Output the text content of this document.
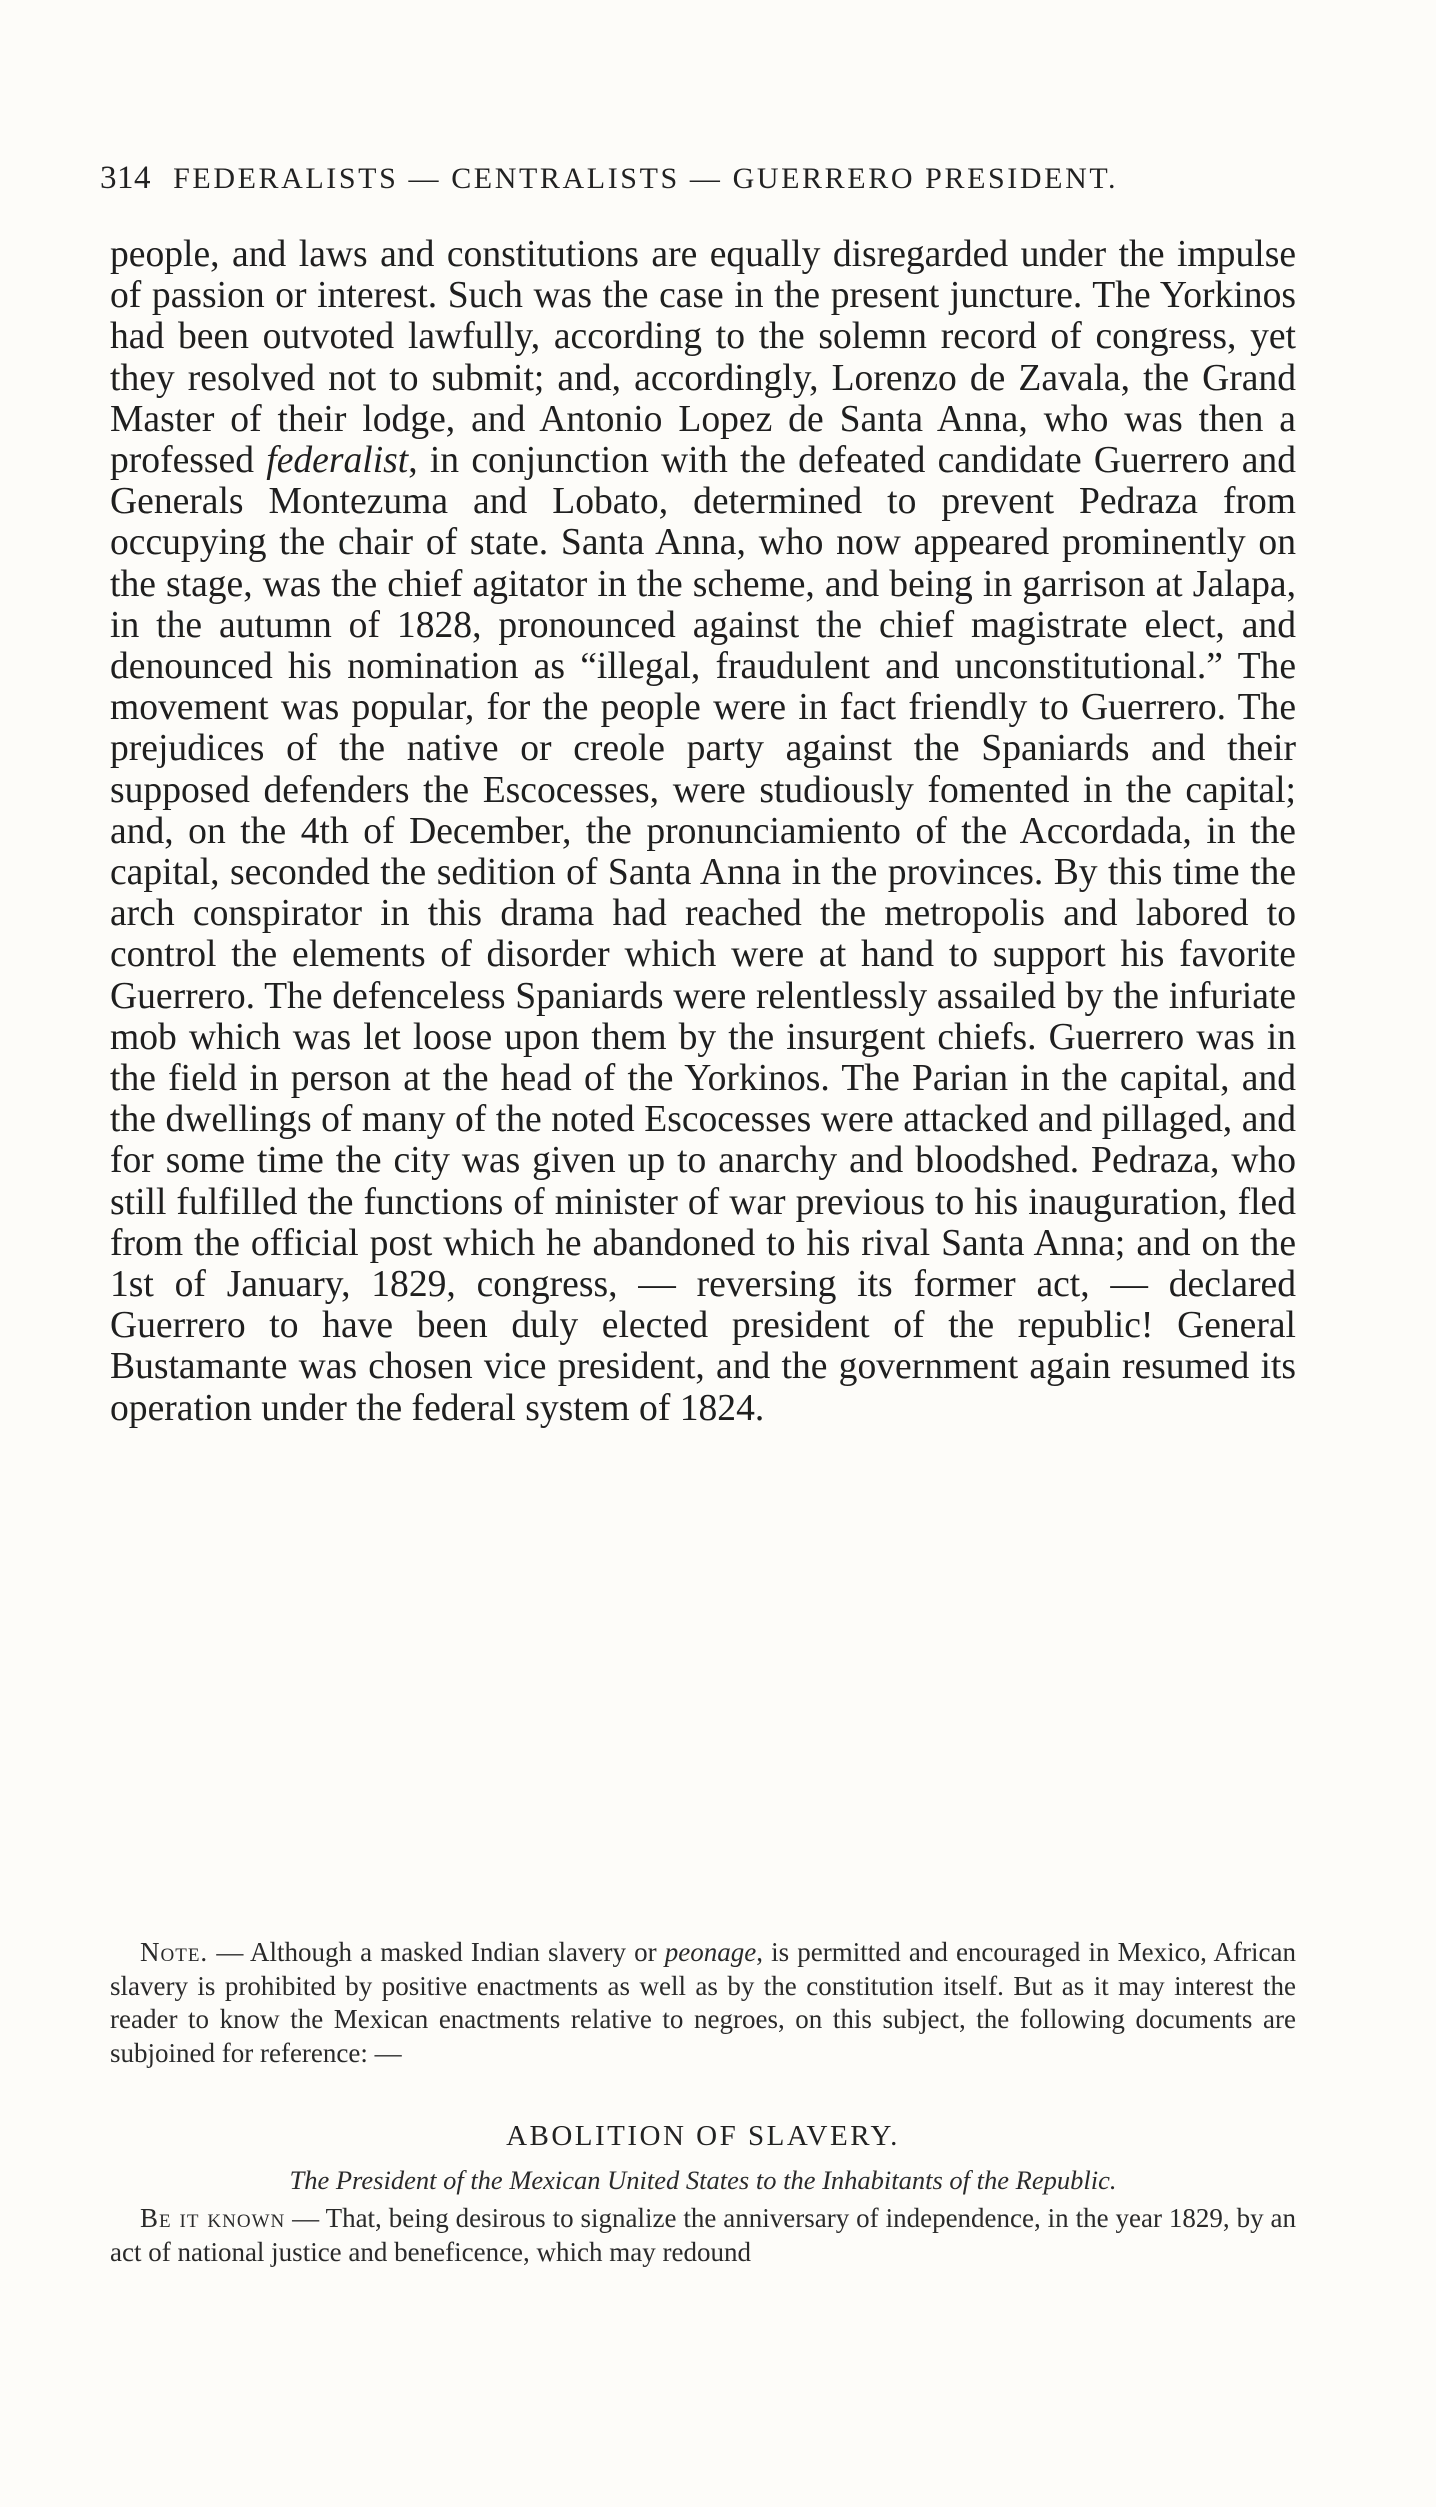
314 FEDERALISTS — CENTRALISTS — GUERRERO PRESIDENT.

people, and laws and constitutions are equally disregarded under the impulse of passion or interest. Such was the case in the present juncture. The Yorkinos had been outvoted lawfully, according to the solemn record of congress, yet they resolved not to submit; and, accordingly, Lorenzo de Zavala, the Grand Master of their lodge, and Antonio Lopez de Santa Anna, who was then a professed federalist, in conjunction with the defeated candidate Guerrero and Generals Montezuma and Lobato, determined to prevent Pedraza from occupying the chair of state. Santa Anna, who now appeared prominently on the stage, was the chief agitator in the scheme, and being in garrison at Jalapa, in the autumn of 1828, pronounced against the chief magistrate elect, and denounced his nomination as “illegal, fraudulent and unconstitutional.” The movement was popular, for the people were in fact friendly to Guerrero. The prejudices of the native or creole party against the Spaniards and their supposed defenders the Escocesses, were studiously fomented in the capital; and, on the 4th of December, the pronunciamiento of the Accordada, in the capital, seconded the sedition of Santa Anna in the provinces. By this time the arch conspirator in this drama had reached the metropolis and labored to control the elements of disorder which were at hand to support his favorite Guerrero. The defenceless Spaniards were relentlessly assailed by the infuriate mob which was let loose upon them by the insurgent chiefs. Guerrero was in the field in person at the head of the Yorkinos. The Parian in the capital, and the dwellings of many of the noted Escocesses were attacked and pillaged, and for some time the city was given up to anarchy and bloodshed. Pedraza, who still fulfilled the functions of minister of war previous to his inauguration, fled from the official post which he abandoned to his rival Santa Anna; and on the 1st of January, 1829, congress, — reversing its former act, — declared Guerrero to have been duly elected president of the republic! General Bustamante was chosen vice president, and the government again resumed its operation under the federal system of 1824.

Note. — Although a masked Indian slavery or peonage, is permitted and encouraged in Mexico, African slavery is prohibited by positive enactments as well as by the constitution itself. But as it may interest the reader to know the Mexican enactments relative to negroes, on this subject, the following documents are subjoined for reference: —

ABOLITION OF SLAVERY.
The President of the Mexican United States to the Inhabitants of the Republic.

Be it known — That, being desirous to signalize the anniversary of independence, in the year 1829, by an act of national justice and beneficence, which may redound
